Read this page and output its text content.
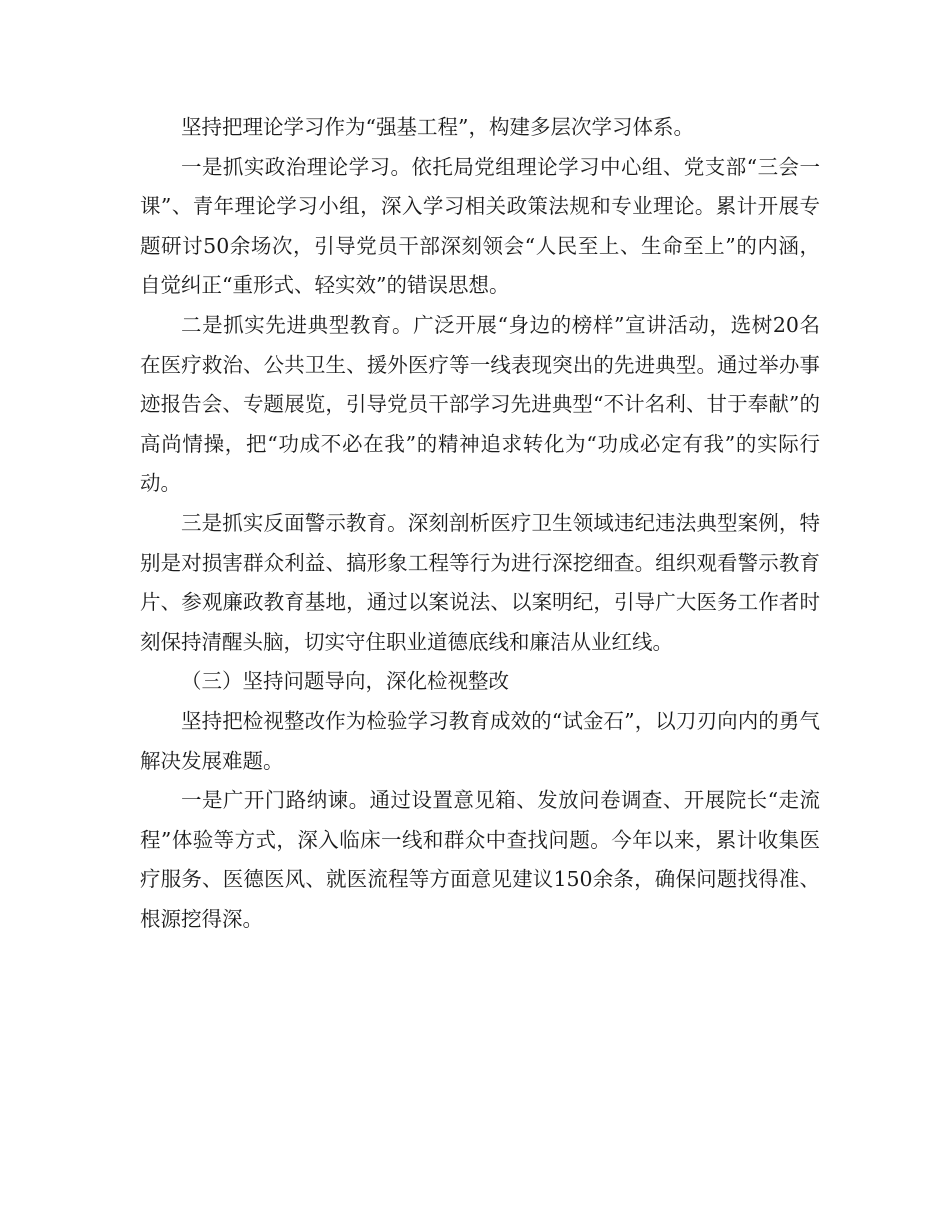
坚持把理论学习作为“强基工程”，构建多层次学习体系。

一是抓实政治理论学习。依托局党组理论学习中心组、党支部“三会一课”、青年理论学习小组，深入学习相关政策法规和专业理论。累计开展专题研讨50余场次，引导党员干部深刻领会“人民至上、生命至上”的内涵，自觉纠正“重形式、轻实效”的错误思想。

二是抓实先进典型教育。广泛开展“身边的榜样”宣讲活动，选树20名在医疗救治、公共卫生、援外医疗等一线表现突出的先进典型。通过举办事迹报告会、专题展览，引导党员干部学习先进典型“不计名利、甘于奉献”的高尚情操，把“功成不必在我”的精神追求转化为“功成必定有我”的实际行动。

三是抓实反面警示教育。深刻剖析医疗卫生领域违纪违法典型案例，特别是对损害群众利益、搞形象工程等行为进行深挖细查。组织观看警示教育片、参观廉政教育基地，通过以案说法、以案明纪，引导广大医务工作者时刻保持清醒头脑，切实守住职业道德底线和廉洁从业红线。

（三）坚持问题导向，深化检视整改

坚持把检视整改作为检验学习教育成效的“试金石”，以刀刃向内的勇气解决发展难题。

一是广开门路纳谏。通过设置意见箱、发放问卷调查、开展院长“走流程”体验等方式，深入临床一线和群众中查找问题。今年以来，累计收集医疗服务、医德医风、就医流程等方面意见建议150余条，确保问题找得准、根源挖得深。
